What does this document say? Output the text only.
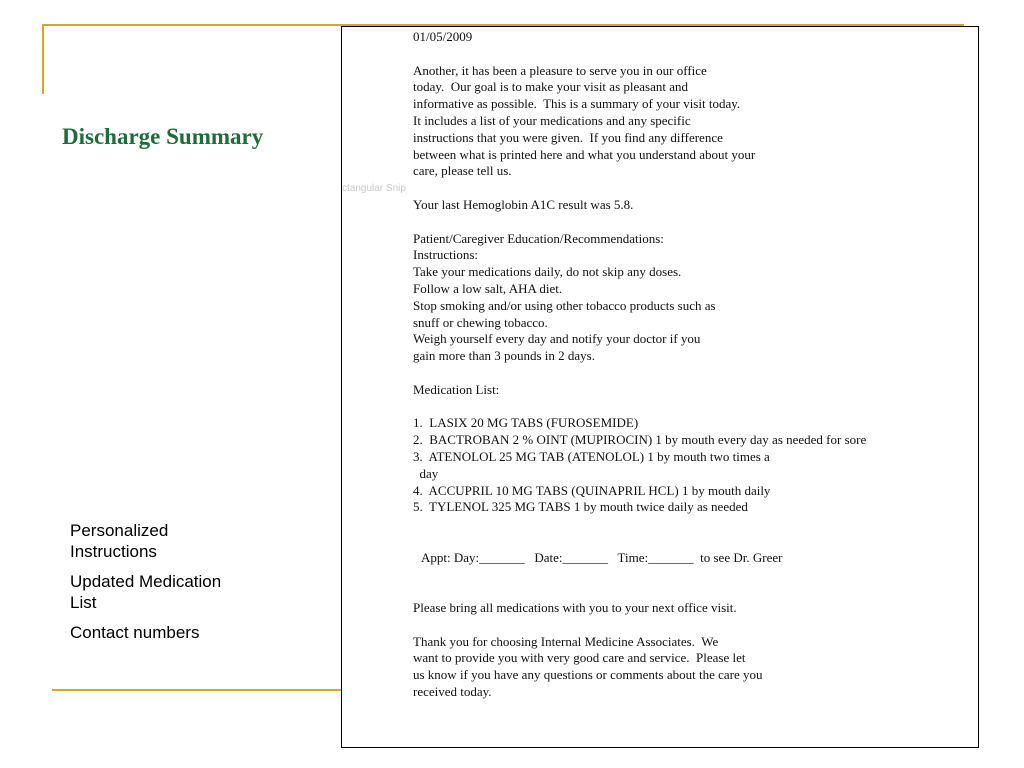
Discharge Summary
Personalized Instructions
Updated Medication List
Contact numbers
01/05/2009
Another, it has been a pleasure to serve you in our office
today.  Our goal is to make your visit as pleasant and
informative as possible.  This is a summary of your visit today.
It includes a list of your medications and any specific
instructions that you were given.  If you find any difference
between what is printed here and what you understand about your
care, please tell us.
Your last Hemoglobin A1C result was 5.8.
Patient/Caregiver Education/Recommendations:
Instructions:
Take your medications daily, do not skip any doses.
Follow a low salt, AHA diet.
Stop smoking and/or using other tobacco products such as
snuff or chewing tobacco.
Weigh yourself every day and notify your doctor if you
gain more than 3 pounds in 2 days.
Medication List:
1.  LASIX 20 MG TABS (FUROSEMIDE)
2.  BACTROBAN 2 % OINT (MUPIROCIN) 1 by mouth every day as needed for sore
3.  ATENOLOL 25 MG TAB (ATENOLOL) 1 by mouth two times a
day
4.  ACCUPRIL 10 MG TABS (QUINAPRIL HCL) 1 by mouth daily
5.  TYLENOL 325 MG TABS 1 by mouth twice daily as needed
Appt: Day:_______   Date:_______   Time:_______  to see Dr. Greer
Please bring all medications with you to your next office visit.
Thank you for choosing Internal Medicine Associates.  We
want to provide you with very good care and service.  Please let
us know if you have any questions or comments about the care you
received today.
ctangular Snip
